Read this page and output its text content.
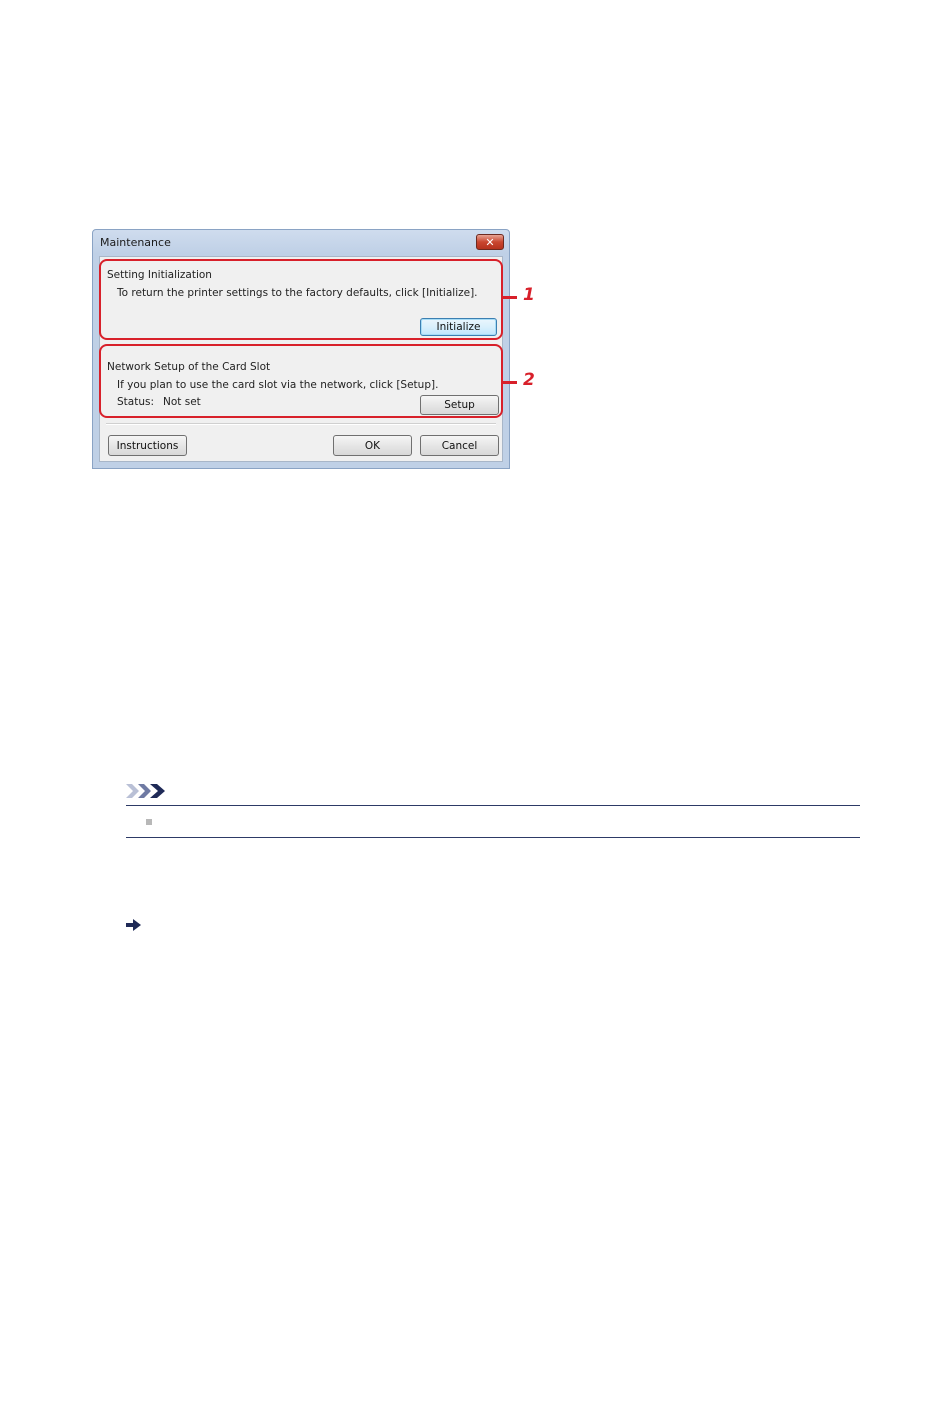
Maintenance	✕
Setting Initialization
To return the printer settings to the factory defaults, click [Initialize].
Initialize
Network Setup of the Card Slot
If you plan to use the card slot via the network, click [Setup].
Status: Not set	Setup
Instructions	OK	Cancel
1
2
